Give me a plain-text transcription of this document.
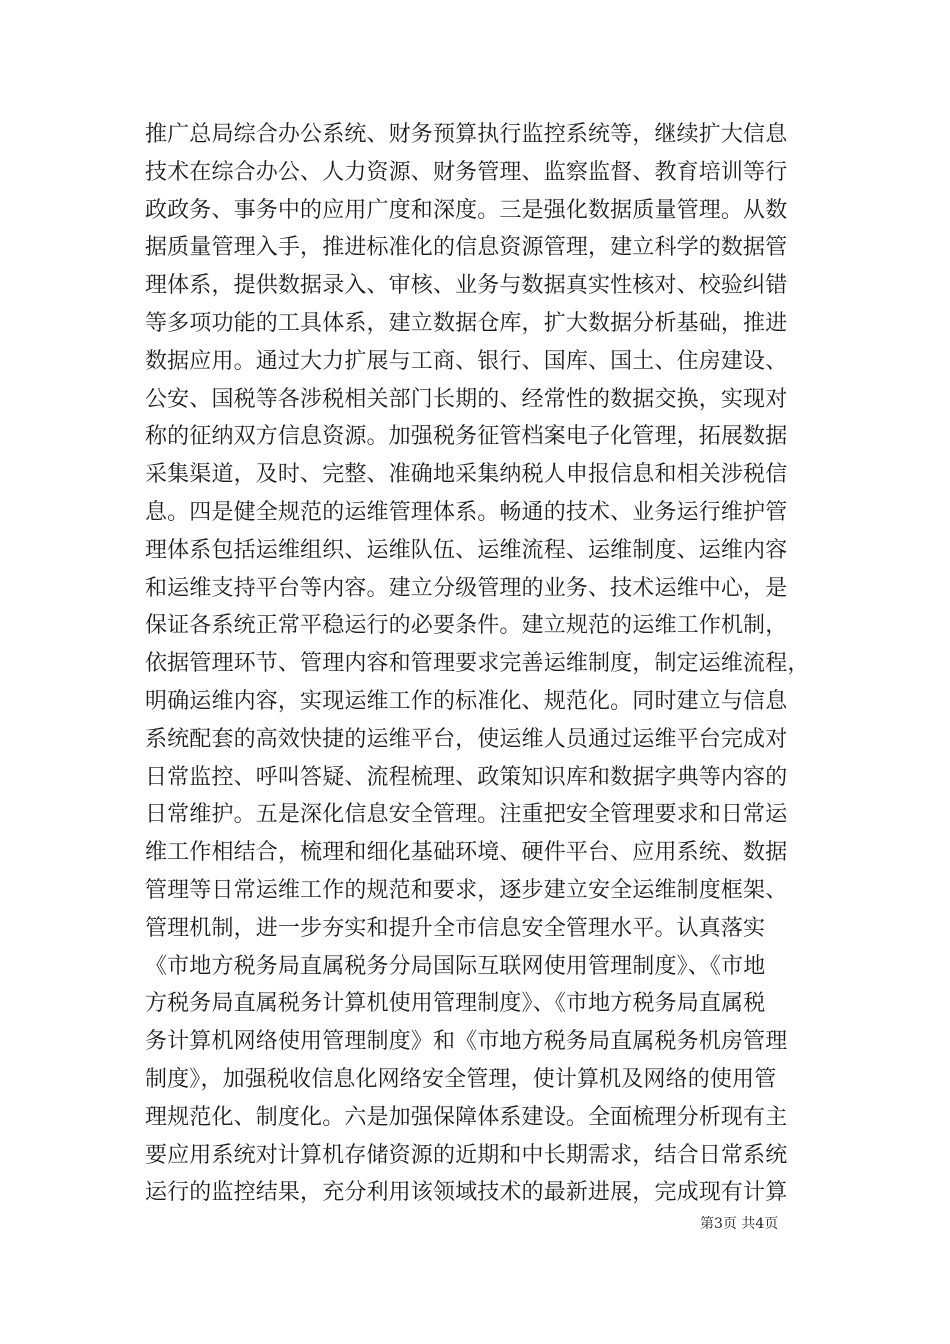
推广总局综合办公系统、财务预算执行监控系统等，继续扩大信息
技术在综合办公、人力资源、财务管理、监察监督、教育培训等行
政政务、事务中的应用广度和深度。三是强化数据质量管理。从数
据质量管理入手，推进标准化的信息资源管理，建立科学的数据管
理体系，提供数据录入、审核、业务与数据真实性核对、校验纠错
等多项功能的工具体系，建立数据仓库，扩大数据分析基础，推进
数据应用。通过大力扩展与工商、银行、国库、国土、住房建设、
公安、国税等各涉税相关部门长期的、经常性的数据交换，实现对
称的征纳双方信息资源。加强税务征管档案电子化管理，拓展数据
采集渠道，及时、完整、准确地采集纳税人申报信息和相关涉税信
息。四是健全规范的运维管理体系。畅通的技术、业务运行维护管
理体系包括运维组织、运维队伍、运维流程、运维制度、运维内容
和运维支持平台等内容。建立分级管理的业务、技术运维中心，是
保证各系统正常平稳运行的必要条件。建立规范的运维工作机制，
依据管理环节、管理内容和管理要求完善运维制度，制定运维流程，
明确运维内容，实现运维工作的标准化、规范化。同时建立与信息
系统配套的高效快捷的运维平台，使运维人员通过运维平台完成对
日常监控、呼叫答疑、流程梳理、政策知识库和数据字典等内容的
日常维护。五是深化信息安全管理。注重把安全管理要求和日常运
维工作相结合，梳理和细化基础环境、硬件平台、应用系统、数据
管理等日常运维工作的规范和要求，逐步建立安全运维制度框架、
管理机制，进一步夯实和提升全市信息安全管理水平。认真落实
《市地方税务局直属税务分局国际互联网使用管理制度》、《市地
方税务局直属税务计算机使用管理制度》、《市地方税务局直属税
务计算机网络使用管理制度》和《市地方税务局直属税务机房管理
制度》，加强税收信息化网络安全管理，使计算机及网络的使用管
理规范化、制度化。六是加强保障体系建设。全面梳理分析现有主
要应用系统对计算机存储资源的近期和中长期需求，结合日常系统
运行的监控结果，充分利用该领域技术的最新进展，完成现有计算
第3页 共4页
